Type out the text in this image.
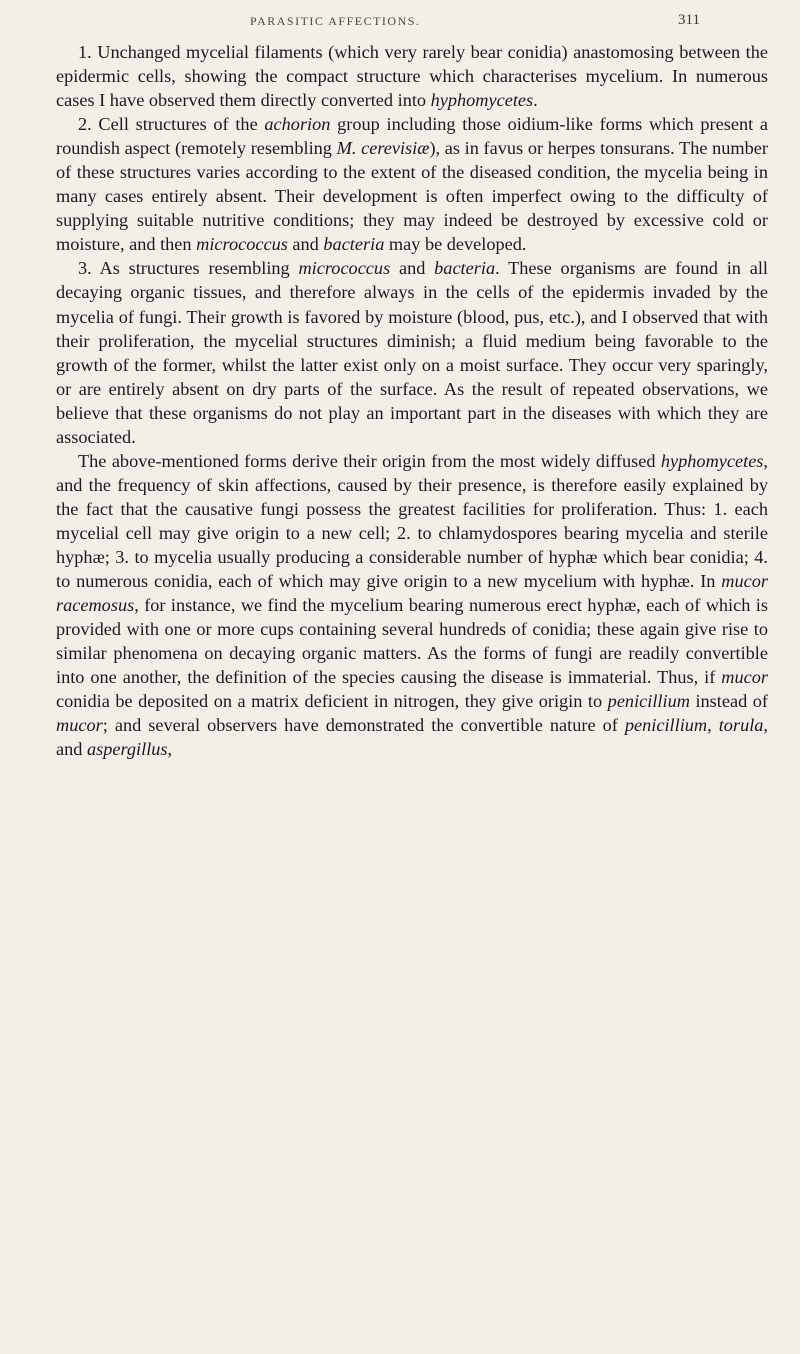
PARASITIC AFFECTIONS.	311

1. Unchanged mycelial filaments (which very rarely bear conidia) anastomosing between the epidermic cells, showing the compact structure which characterises mycelium. In numerous cases I have observed them directly converted into hyphomycetes.

2. Cell structures of the achorion group including those oidium-like forms which present a roundish aspect (remotely resembling M. cerevisiæ), as in favus or herpes tonsurans. The number of these structures varies according to the extent of the diseased condition, the mycelia being in many cases entirely absent. Their development is often imperfect owing to the difficulty of supplying suitable nutritive conditions; they may indeed be destroyed by excessive cold or moisture, and then micrococcus and bacteria may be developed.

3. As structures resembling micrococcus and bacteria. These organisms are found in all decaying organic tissues, and therefore always in the cells of the epidermis invaded by the mycelia of fungi. Their growth is favored by moisture (blood, pus, etc.), and I observed that with their proliferation, the mycelial structures diminish; a fluid medium being favorable to the growth of the former, whilst the latter exist only on a moist surface. They occur very sparingly, or are entirely absent on dry parts of the surface. As the result of repeated observations, we believe that these organisms do not play an important part in the diseases with which they are associated.

The above-mentioned forms derive their origin from the most widely diffused hyphomycetes, and the frequency of skin affections, caused by their presence, is therefore easily explained by the fact that the causative fungi possess the greatest facilities for proliferation. Thus: 1. each mycelial cell may give origin to a new cell; 2. to chlamydospores bearing mycelia and sterile hyphæ; 3. to mycelia usually producing a considerable number of hyphæ which bear conidia; 4. to numerous conidia, each of which may give origin to a new mycelium with hyphæ. In mucor racemosus, for instance, we find the mycelium bearing numerous erect hyphæ, each of which is provided with one or more cups containing several hundreds of conidia; these again give rise to similar phenomena on decaying organic matters. As the forms of fungi are readily convertible into one another, the definition of the species causing the disease is immaterial. Thus, if mucor conidia be deposited on a matrix deficient in nitrogen, they give origin to penicillium instead of mucor; and several observers have demonstrated the convertible nature of penicillium, torula, and aspergillus,
